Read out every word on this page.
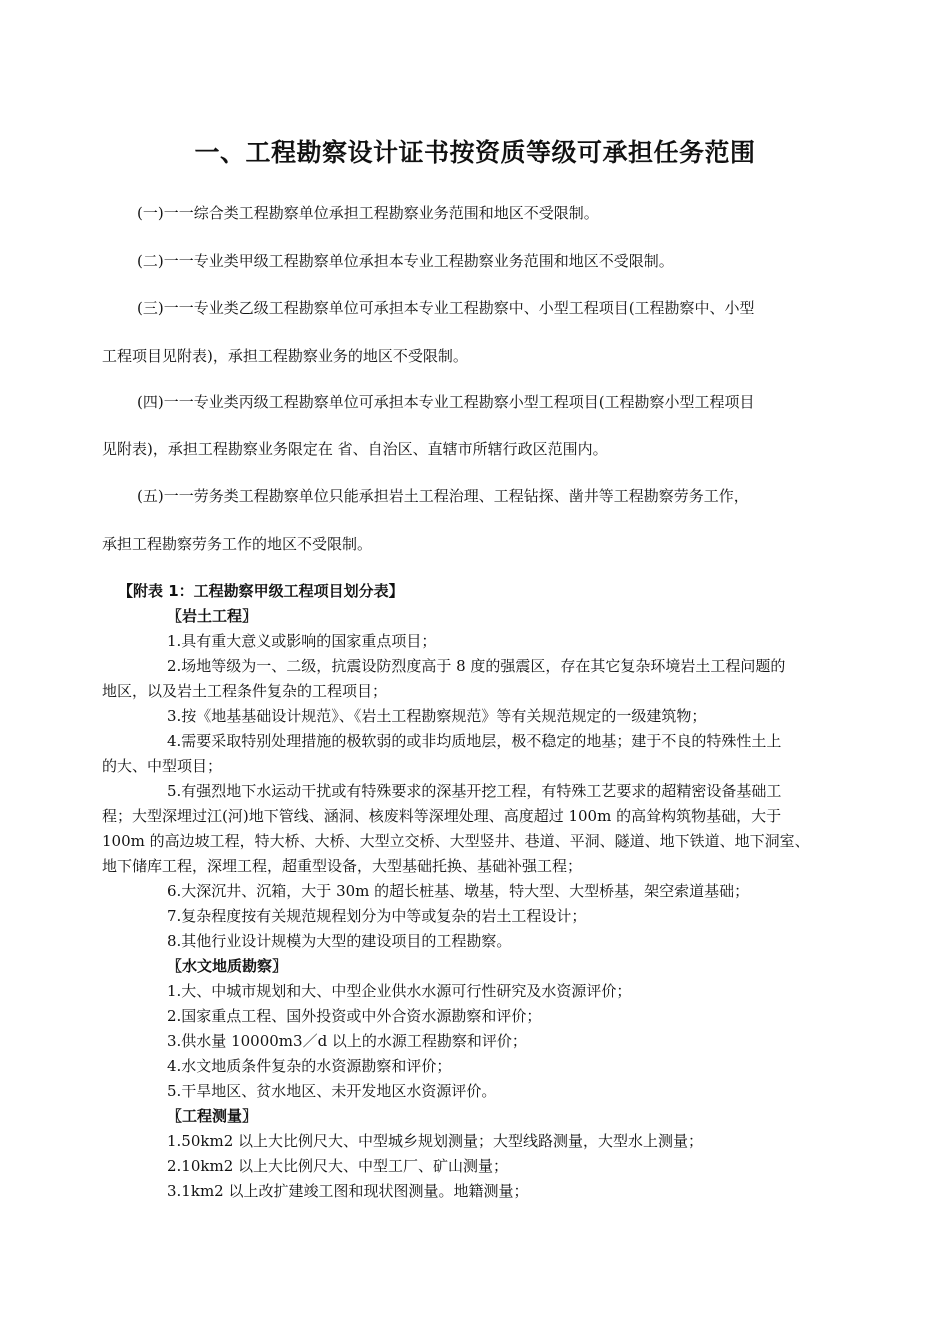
一、工程勘察设计证书按资质等级可承担任务范围

(一)一一综合类工程勘察单位承担工程勘察业务范围和地区不受限制。

(二)一一专业类甲级工程勘察单位承担本专业工程勘察业务范围和地区不受限制。

(三)一一专业类乙级工程勘察单位可承担本专业工程勘察中、小型工程项目(工程勘察中、小型

工程项目见附表)，承担工程勘察业务的地区不受限制。

(四)一一专业类丙级工程勘察单位可承担本专业工程勘察小型工程项目(工程勘察小型工程项目

见附表)，承担工程勘察业务限定在 省、自治区、直辖市所辖行政区范围内。

(五)一一劳务类工程勘察单位只能承担岩土工程治理、工程钻探、凿井等工程勘察劳务工作，

承担工程勘察劳务工作的地区不受限制。

【附表 1：工程勘察甲级工程项目划分表】

〖岩土工程〗

1.具有重大意义或影响的国家重点项目；

2.场地等级为一、二级，抗震设防烈度高于 8 度的强震区，存在其它复杂环境岩土工程问题的

地区，以及岩土工程条件复杂的工程项目；

3.按《地基基础设计规范》、《岩土工程勘察规范》等有关规范规定的一级建筑物；

4.需要采取特别处理措施的极软弱的或非均质地层，极不稳定的地基；建于不良的特殊性土上

的大、中型项目；

5.有强烈地下水运动干扰或有特殊要求的深基开挖工程，有特殊工艺要求的超精密设备基础工

程；大型深埋过江(河)地下管线、涵洞、核废料等深埋处理、高度超过 100m 的高耸构筑物基础，大于

100m 的高边坡工程，特大桥、大桥、大型立交桥、大型竖井、巷道、平洞、隧道、地下铁道、地下洞室、

地下储库工程，深埋工程，超重型设备，大型基础托换、基础补强工程；

6.大深沉井、沉箱，大于 30m 的超长桩基、墩基，特大型、大型桥基，架空索道基础；

7.复杂程度按有关规范规程划分为中等或复杂的岩土工程设计；

8.其他行业设计规模为大型的建设项目的工程勘察。

〖水文地质勘察〗

1.大、中城市规划和大、中型企业供水水源可行性研究及水资源评价；

2.国家重点工程、国外投资或中外合资水源勘察和评价；

3.供水量 10000m3／d 以上的水源工程勘察和评价；

4.水文地质条件复杂的水资源勘察和评价；

5.干旱地区、贫水地区、未开发地区水资源评价。

〖工程测量〗

1.50km2 以上大比例尺大、中型城乡规划测量；大型线路测量，大型水上测量；

2.10km2 以上大比例尺大、中型工厂、矿山测量；

3.1km2 以上改扩建竣工图和现状图测量。地籍测量；
